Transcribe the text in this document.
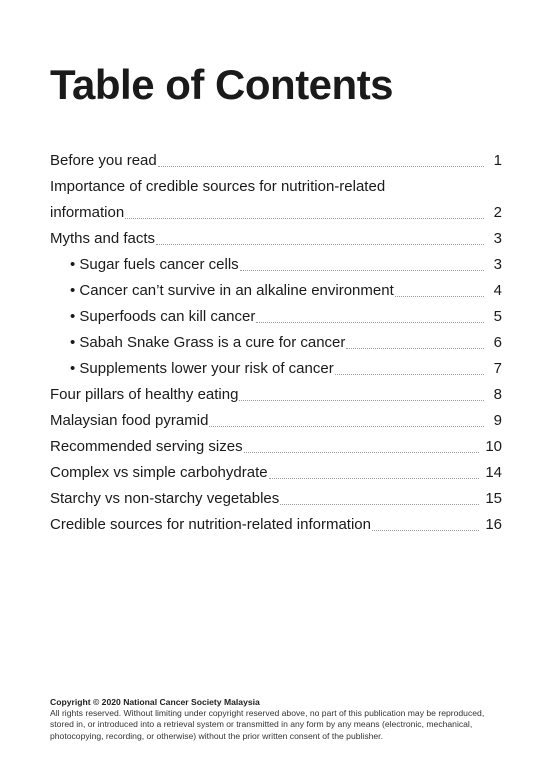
Table of Contents
Before you read	1
Importance of credible sources for nutrition-related
information	2
Myths and facts	3
• Sugar fuels cancer cells	3
• Cancer can’t survive in an alkaline environment	4
• Superfoods can kill cancer	5
• Sabah Snake Grass is a cure for cancer	6
• Supplements lower your risk of cancer	7
Four pillars of healthy eating	8
Malaysian food pyramid	9
Recommended serving sizes	10
Complex vs simple carbohydrate	14
Starchy vs non-starchy vegetables	15
Credible sources for nutrition-related information	16
Copyright © 2020 National Cancer Society Malaysia
All rights reserved. Without limiting under copyright reserved above, no part of this publication may be reproduced, stored in, or introduced into a retrieval system or transmitted in any form by any means (electronic, mechanical, photocopying, recording, or otherwise) without the prior written consent of the publisher.
